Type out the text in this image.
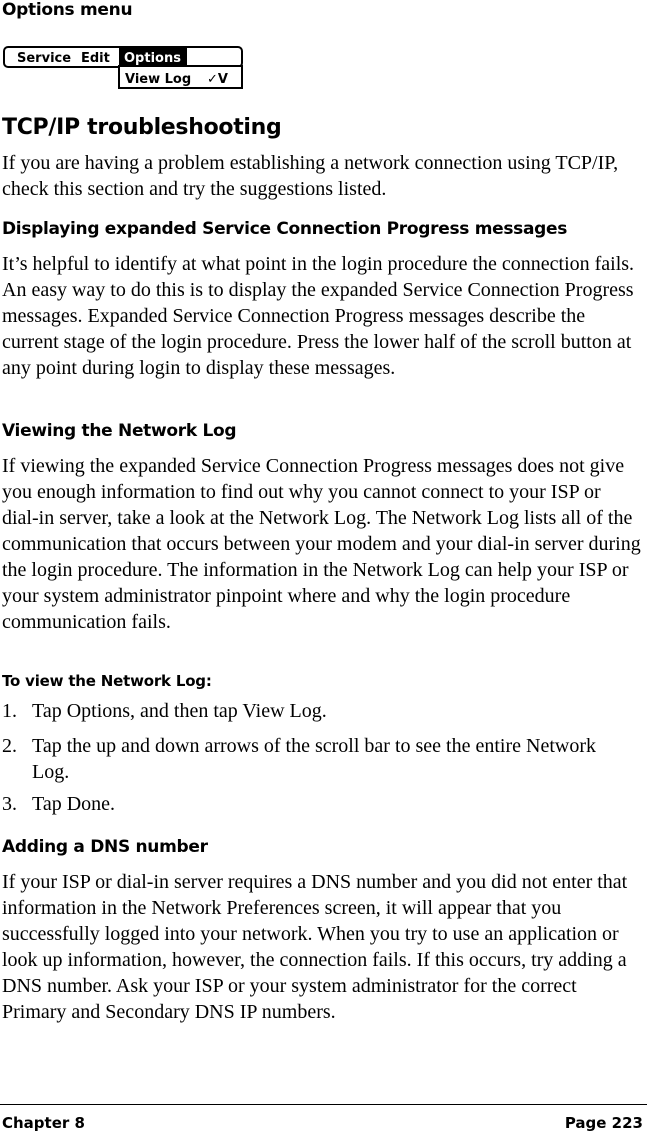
Options menu
Service Edit Options
View Log ✓V
TCP/IP troubleshooting

If you are having a problem establishing a network connection using TCP/IP, check this section and try the suggestions listed.

Displaying expanded Service Connection Progress messages

It’s helpful to identify at what point in the login procedure the connection fails. An easy way to do this is to display the expanded Service Connection Progress messages. Expanded Service Connection Progress messages describe the current stage of the login procedure. Press the lower half of the scroll button at any point during login to display these messages.

Viewing the Network Log

If viewing the expanded Service Connection Progress messages does not give you enough information to find out why you cannot connect to your ISP or dial-in server, take a look at the Network Log. The Network Log lists all of the communication that occurs between your modem and your dial-in server during the login procedure. The information in the Network Log can help your ISP or your system administrator pinpoint where and why the login procedure communication fails.

To view the Network Log:
1. Tap Options, and then tap View Log.
2. Tap the up and down arrows of the scroll bar to see the entire Network Log.
3. Tap Done.
Adding a DNS number

If your ISP or dial-in server requires a DNS number and you did not enter that information in the Network Preferences screen, it will appear that you successfully logged into your network. When you try to use an application or look up information, however, the connection fails. If this occurs, try adding a DNS number. Ask your ISP or your system administrator for the correct Primary and Secondary DNS IP numbers.

Chapter 8	Page 223
